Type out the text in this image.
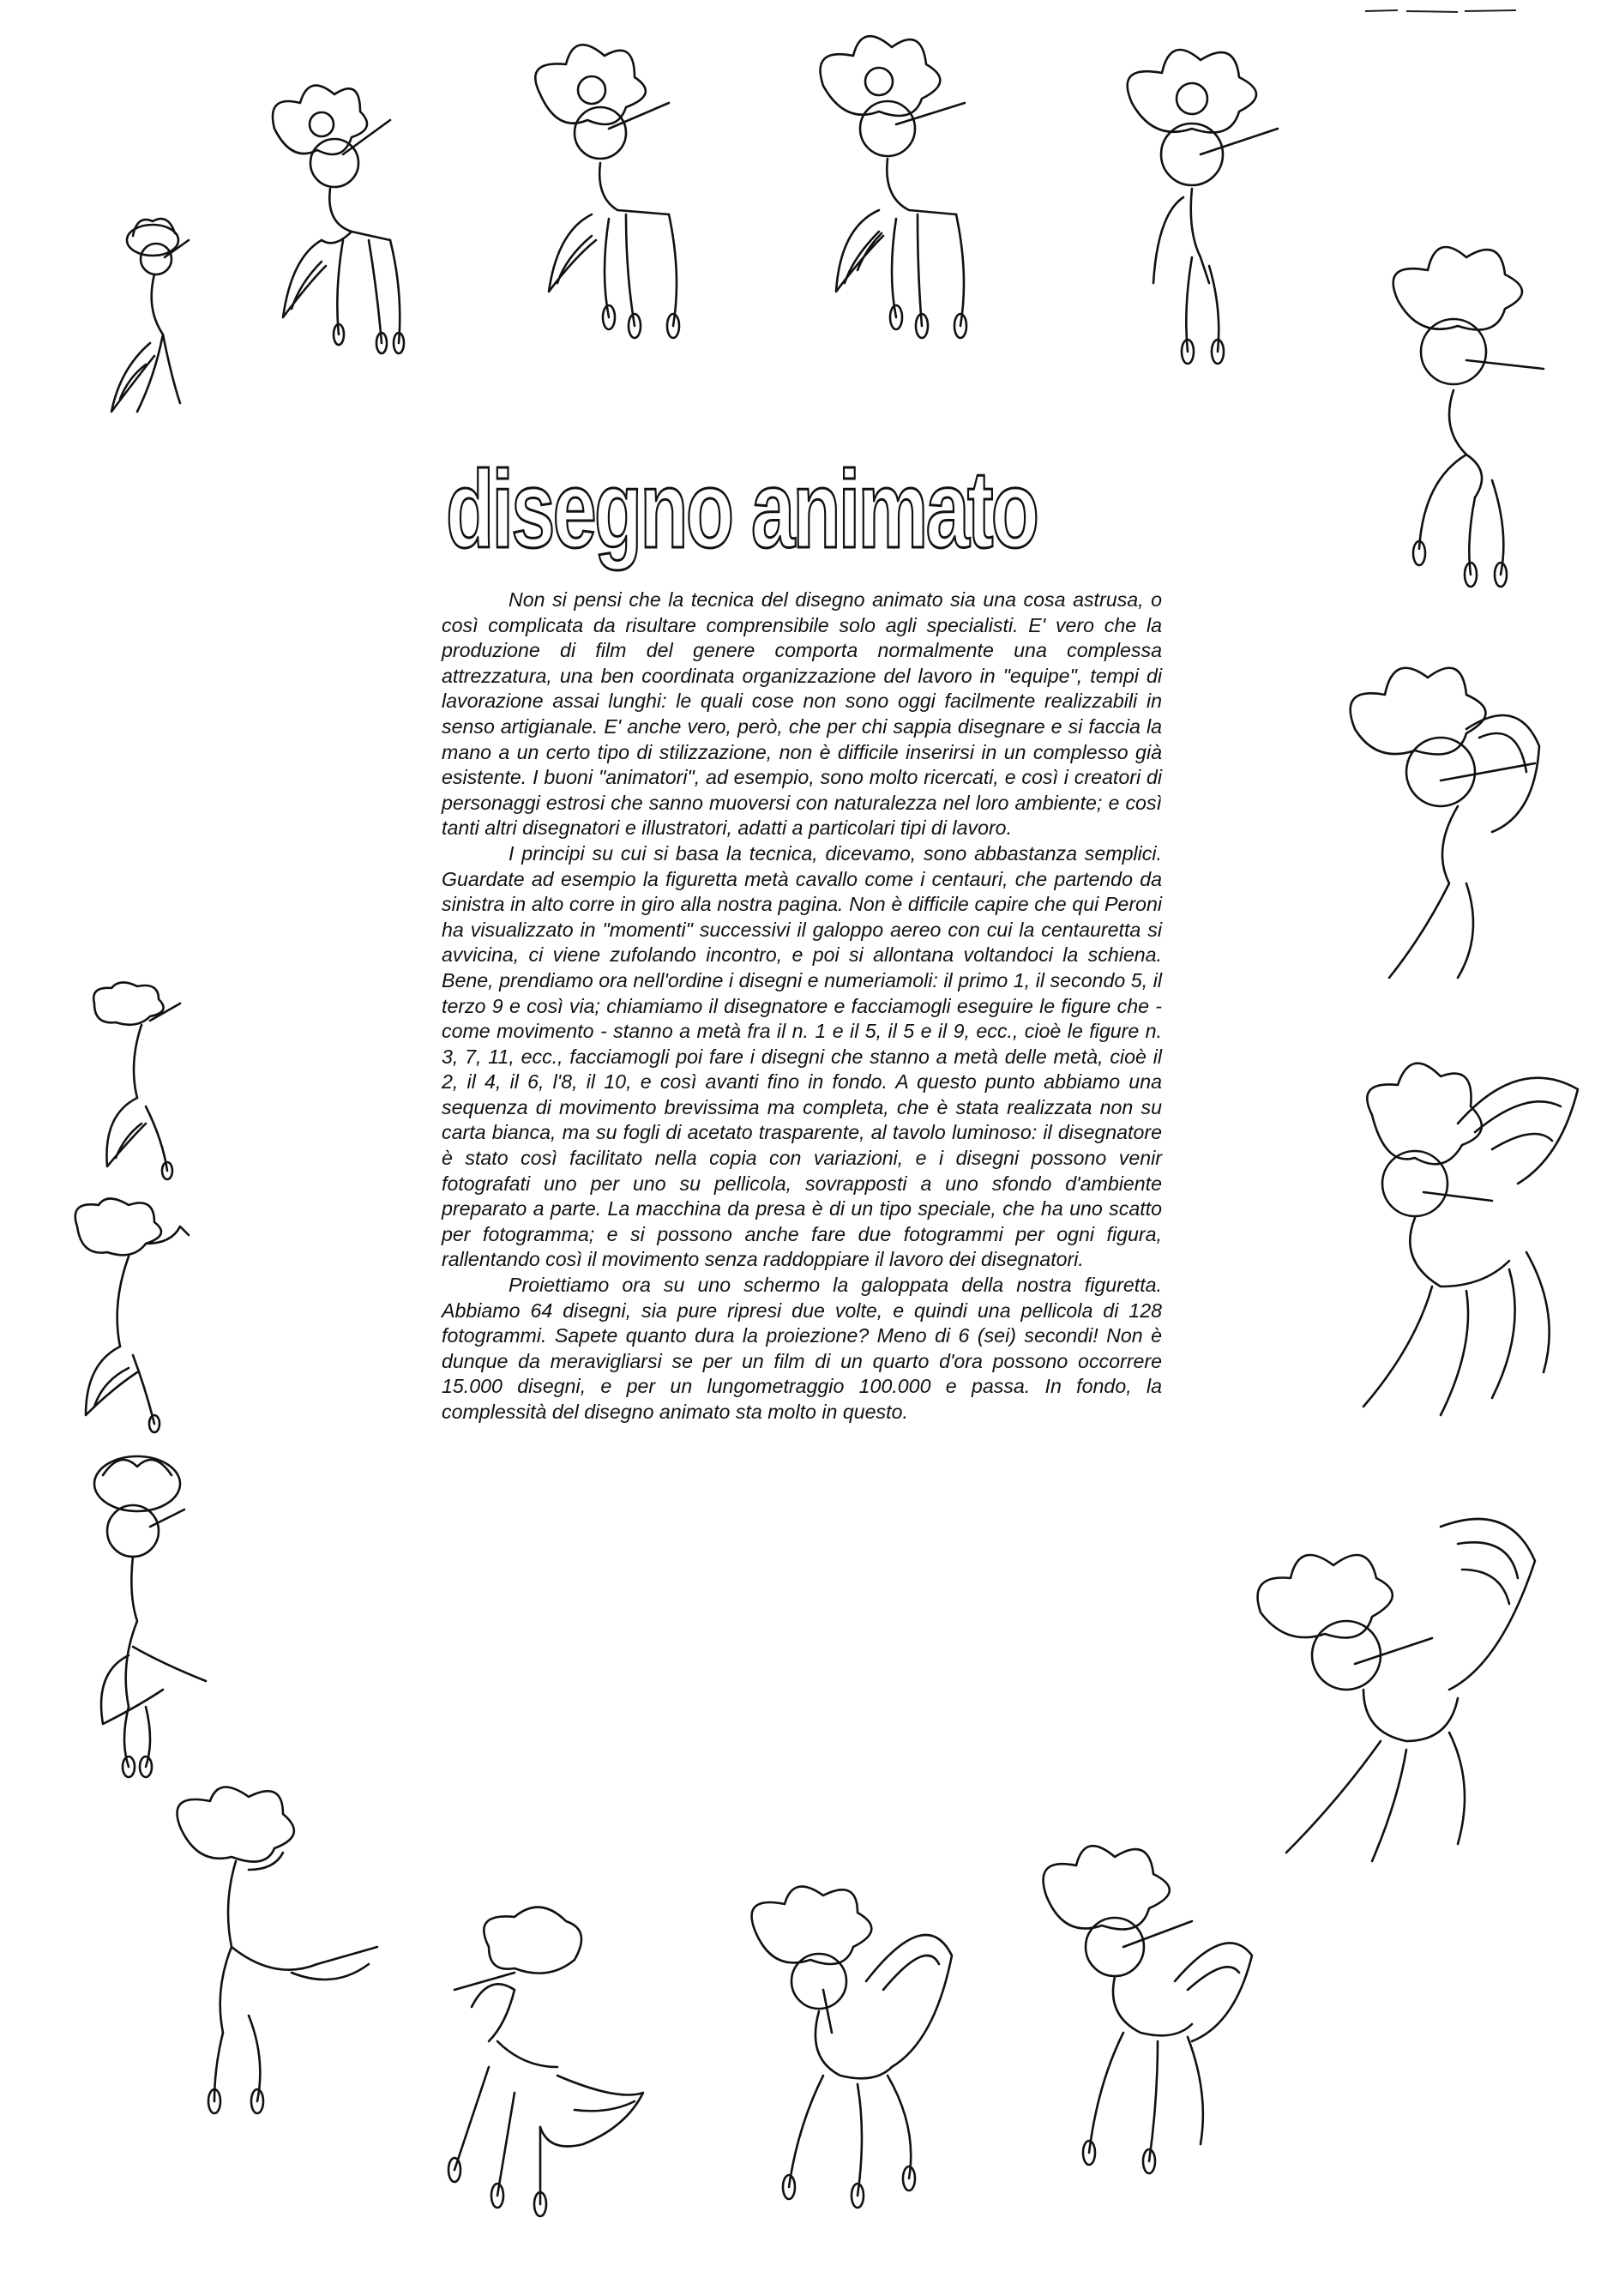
disegno animato

Non si pensi che la tecnica del disegno animato sia una cosa astrusa, o così complicata da risultare comprensibile solo agli specialisti. E' vero che la produzione di film del genere comporta normalmente una complessa attrezzatura, una ben coordinata organizzazione del lavoro in "equipe", tempi di lavorazione assai lunghi: le quali cose non sono oggi facilmente realizzabili in senso artigianale. E' anche vero, però, che per chi sappia disegnare e si faccia la mano a un certo tipo di stilizzazione, non è difficile inserirsi in un complesso già esistente. I buoni "animatori", ad esempio, sono molto ricercati, e così i creatori di personaggi estrosi che sanno muoversi con naturalezza nel loro ambiente; e così tanti altri disegnatori e illustratori, adatti a particolari tipi di lavoro.

I principi su cui si basa la tecnica, dicevamo, sono abbastanza semplici. Guardate ad esempio la figuretta metà cavallo come i centauri, che partendo da sinistra in alto corre in giro alla nostra pagina. Non è difficile capire che qui Peroni ha visualizzato in "momenti" successivi il galoppo aereo con cui la centauretta si avvicina, ci viene zufolando incontro, e poi si allontana voltandoci la schiena. Bene, prendiamo ora nell'ordine i disegni e numeriamoli: il primo 1, il secondo 5, il terzo 9 e così via; chiamiamo il disegnatore e facciamogli eseguire le figure che - come movimento - stanno a metà fra il n. 1 e il 5, il 5 e il 9, ecc., cioè le figure n. 3, 7, 11, ecc., facciamogli poi fare i disegni che stanno a metà delle metà, cioè il 2, il 4, il 6, l'8, il 10, e così avanti fino in fondo. A questo punto abbiamo una sequenza di movimento brevissima ma completa, che è stata realizzata non su carta bianca, ma su fogli di acetato trasparente, al tavolo luminoso: il disegnatore è stato così facilitato nella copia con variazioni, e i disegni possono venir fotografati uno per uno su pellicola, sovrapposti a uno sfondo d'ambiente preparato a parte. La macchina da presa è di un tipo speciale, che ha uno scatto per fotogramma; e si possono anche fare due fotogrammi per ogni figura, rallentando così il movimento senza raddoppiare il lavoro dei disegnatori.

Proiettiamo ora su uno schermo la galoppata della nostra figuretta. Abbiamo 64 disegni, sia pure ripresi due volte, e quindi una pellicola di 128 fotogrammi. Sapete quanto dura la proiezione? Meno di 6 (sei) secondi! Non è dunque da meravigliarsi se per un film di un quarto d'ora possono occorrere 15.000 disegni, e per un lungometraggio 100.000 e passa. In fondo, la complessità del disegno animato sta molto in questo.
